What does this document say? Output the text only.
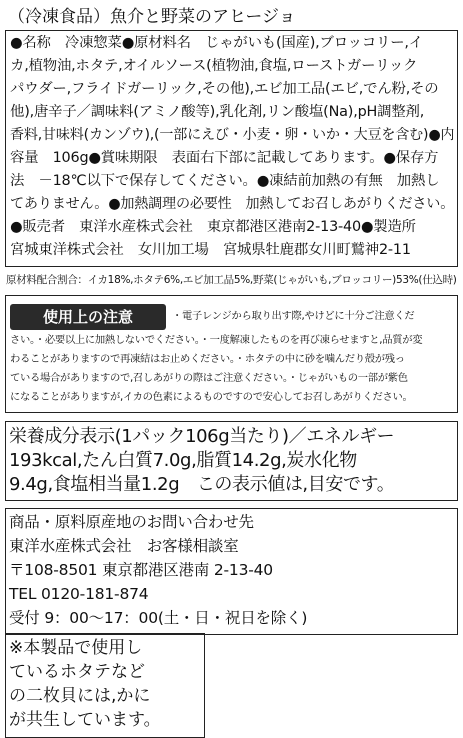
（冷凍食品）魚介と野菜のアヒージョ
●名称　冷凍惣菜●原材料名　じゃがいも(国産),ブロッコリー,イ
カ,植物油,ホタテ,オイルソース(植物油,食塩,ローストガーリック
パウダー,フライドガーリック,その他),エビ加工品(エビ,でん粉,その
他),唐辛子／調味料(アミノ酸等),乳化剤,リン酸塩(Na),pH調整剤,
香料,甘味料(カンゾウ),(一部にえび・小麦・卵・いか・大豆を含む)●内
容量　106g●賞味期限　表面右下部に記載してあります。●保存方
法　－18℃以下で保存してください。●凍結前加熱の有無　加熱し
てありません。●加熱調理の必要性　加熱してお召しあがりください。
●販売者　東洋水産株式会社　東京都港区港南2-13-40●製造所
宮城東洋株式会社　女川加工場　宮城県牡鹿郡女川町鷲神2-11
原材料配合割合：イカ18%,ホタテ6%,エビ加工品5%,野菜(じゃがいも,ブロッコリー)53%(仕込時)
使用上の注意	・電子レンジから取り出す際,やけどに十分ご注意くだ
さい。・必要以上に加熱しないでください。・一度解凍したものを再び凍らせますと,品質が変
わることがありますので再凍結はお止めください。・ホタテの中に砂を噛んだり殻が残っ
ている場合がありますので,召しあがりの際はご注意ください。・じゃがいもの一部が紫色
になることがありますが,イカの色素によるものですので安心してお召しあがりください。
栄養成分表示(1パック106g当たり)／エネルギー
193kcal,たん白質7.0g,脂質14.2g,炭水化物
9.4g,食塩相当量1.2g　この表示値は,目安です。
商品・原料原産地のお問い合わせ先
東洋水産株式会社　お客様相談室
〒108-8501 東京都港区港南 2-13-40
TEL 0120-181-874
受付 9：00～17：00(土・日・祝日を除く)
※本製品で使用し
ているホタテなど
の二枚貝には,かに
が共生しています。
